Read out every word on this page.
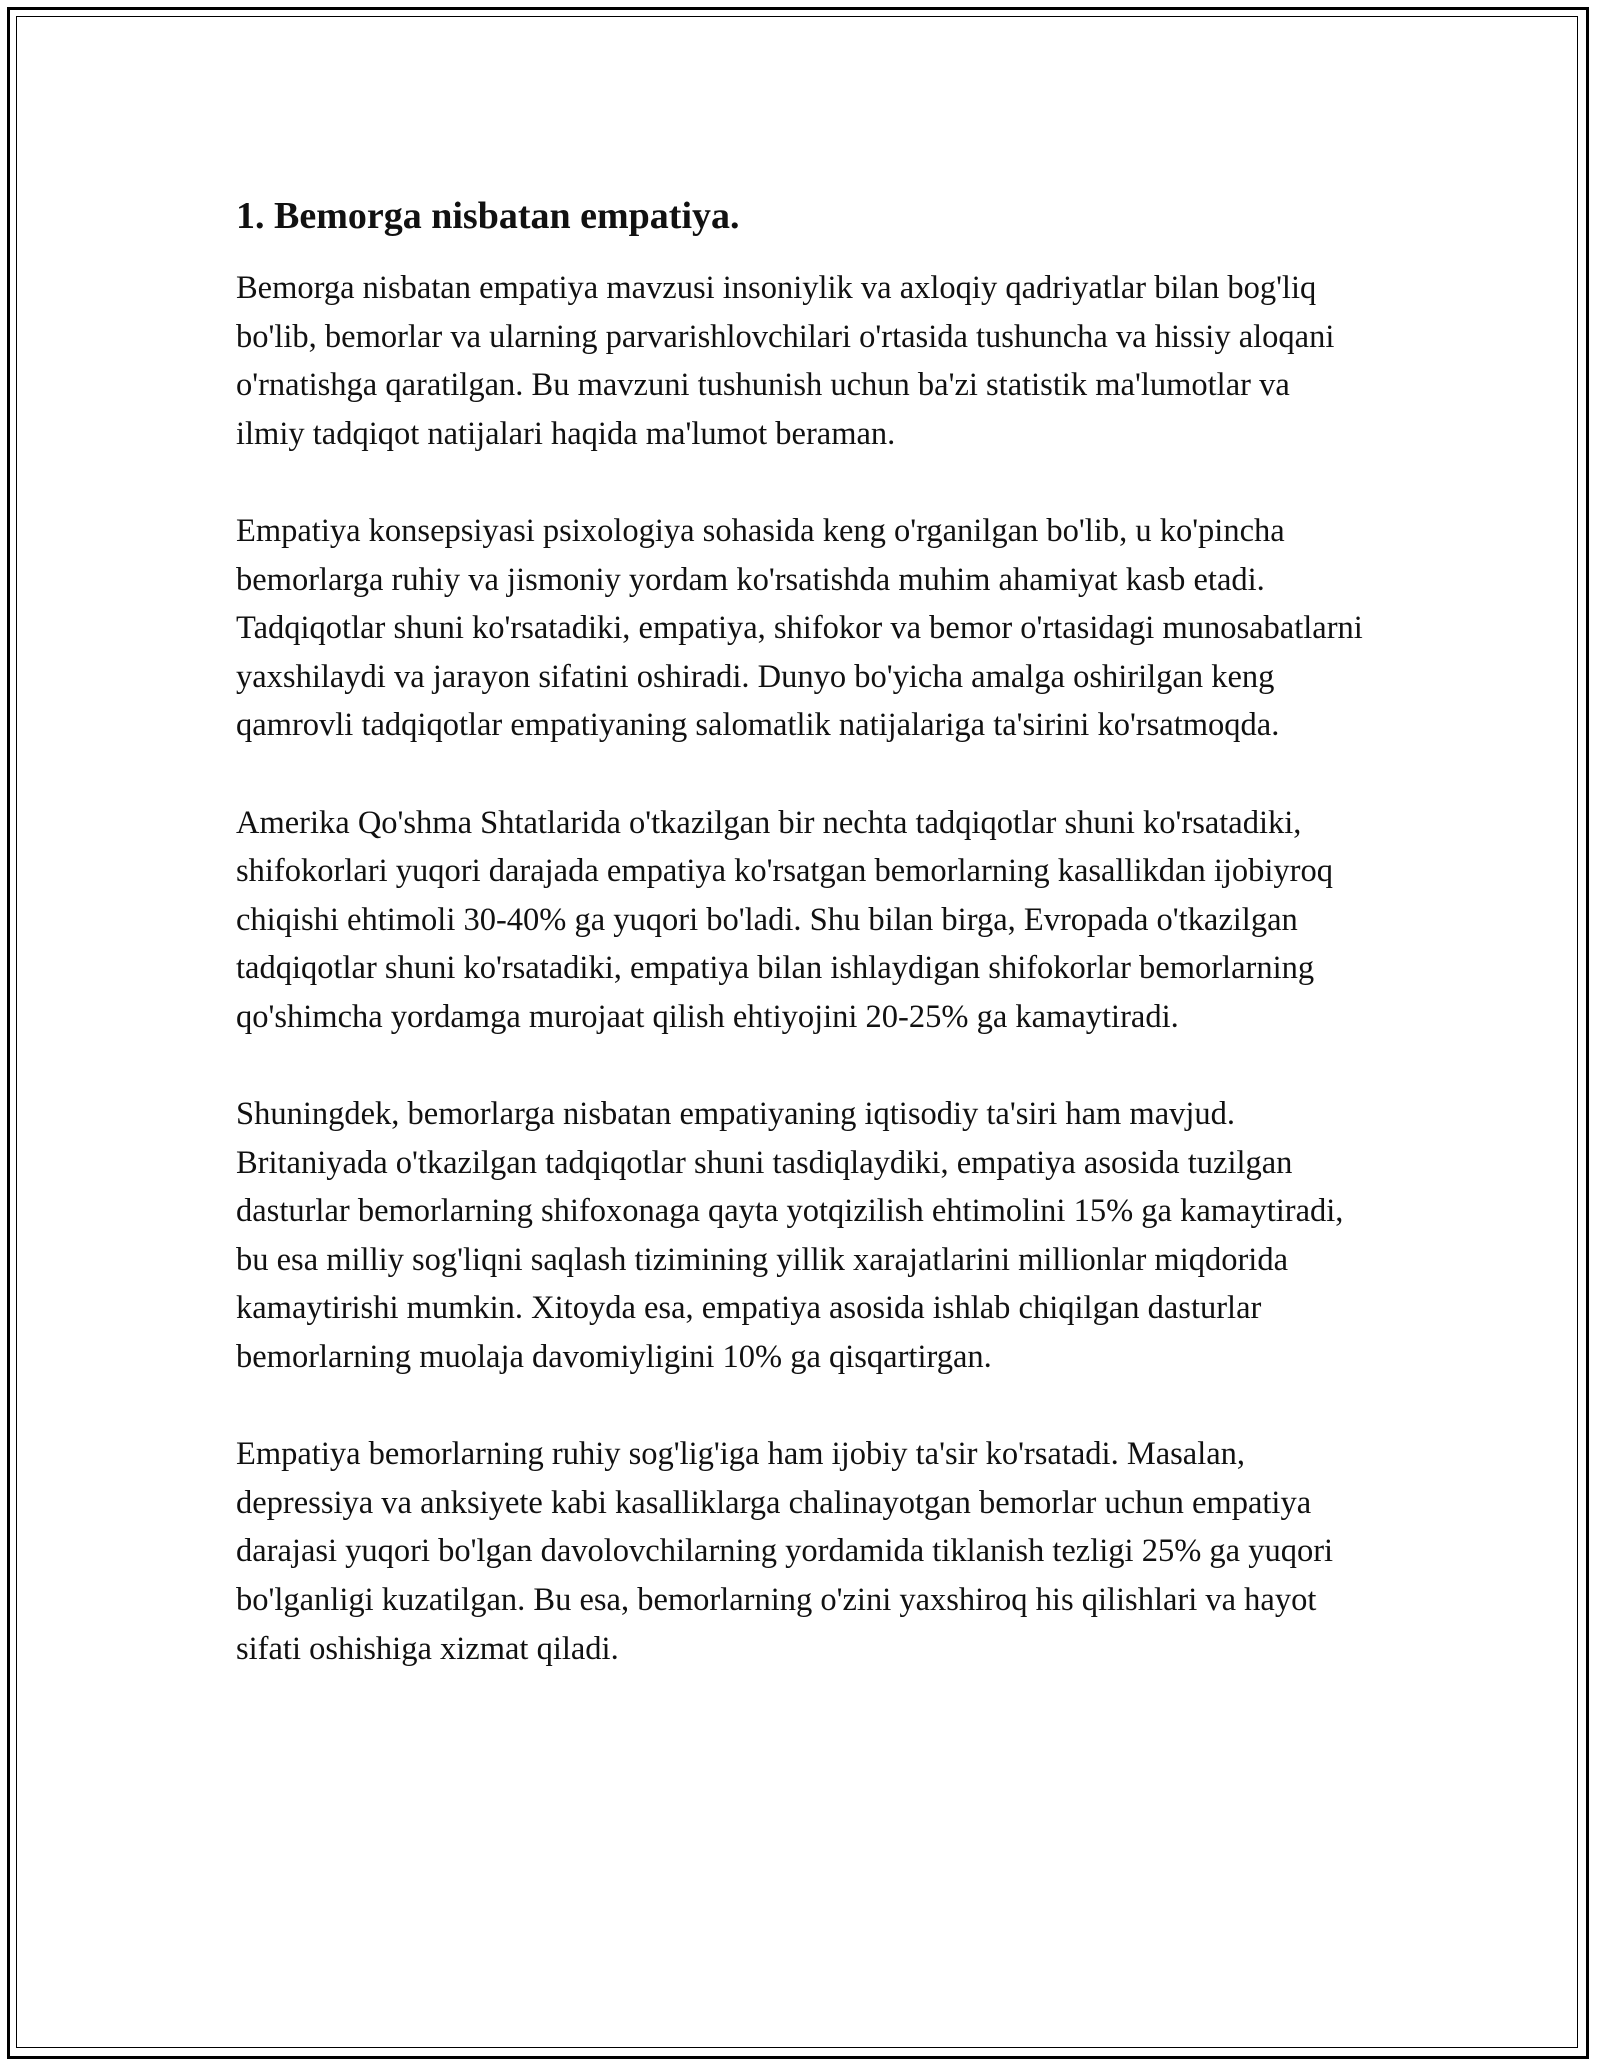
1. Bemorga nisbatan empatiya.

Bemorga nisbatan empatiya mavzusi insoniylik va axloqiy qadriyatlar bilan bog'liq bo'lib, bemorlar va ularning parvarishlovchilari o'rtasida tushuncha va hissiy aloqani o'rnatishga qaratilgan. Bu mavzuni tushunish uchun ba'zi statistik ma'lumotlar va ilmiy tadqiqot natijalari haqida ma'lumot beraman.

Empatiya konsepsiyasi psixologiya sohasida keng o'rganilgan bo'lib, u ko'pincha bemorlarga ruhiy va jismoniy yordam ko'rsatishda muhim ahamiyat kasb etadi. Tadqiqotlar shuni ko'rsatadiki, empatiya, shifokor va bemor o'rtasidagi munosabatlarni yaxshilaydi va jarayon sifatini oshiradi. Dunyo bo'yicha amalga oshirilgan keng qamrovli tadqiqotlar empatiyaning salomatlik natijalariga ta'sirini ko'rsatmoqda.

Amerika Qo'shma Shtatlarida o'tkazilgan bir nechta tadqiqotlar shuni ko'rsatadiki, shifokorlari yuqori darajada empatiya ko'rsatgan bemorlarning kasallikdan ijobiyroq chiqishi ehtimoli 30-40% ga yuqori bo'ladi. Shu bilan birga, Evropada o'tkazilgan tadqiqotlar shuni ko'rsatadiki, empatiya bilan ishlaydigan shifokorlar bemorlarning qo'shimcha yordamga murojaat qilish ehtiyojini 20-25% ga kamaytiradi.

Shuningdek, bemorlarga nisbatan empatiyaning iqtisodiy ta'siri ham mavjud. Britaniyada o'tkazilgan tadqiqotlar shuni tasdiqlaydiki, empatiya asosida tuzilgan dasturlar bemorlarning shifoxonaga qayta yotqizilish ehtimolini 15% ga kamaytiradi, bu esa milliy sog'liqni saqlash tizimining yillik xarajatlarini millionlar miqdorida kamaytirishi mumkin. Xitoyda esa, empatiya asosida ishlab chiqilgan dasturlar bemorlarning muolaja davomiyligini 10% ga qisqartirgan.

Empatiya bemorlarning ruhiy sog'lig'iga ham ijobiy ta'sir ko'rsatadi. Masalan, depressiya va anksiyete kabi kasalliklarga chalinayotgan bemorlar uchun empatiya darajasi yuqori bo'lgan davolovchilarning yordamida tiklanish tezligi 25% ga yuqori bo'lganligi kuzatilgan. Bu esa, bemorlarning o'zini yaxshiroq his qilishlari va hayot sifati oshishiga xizmat qiladi.
